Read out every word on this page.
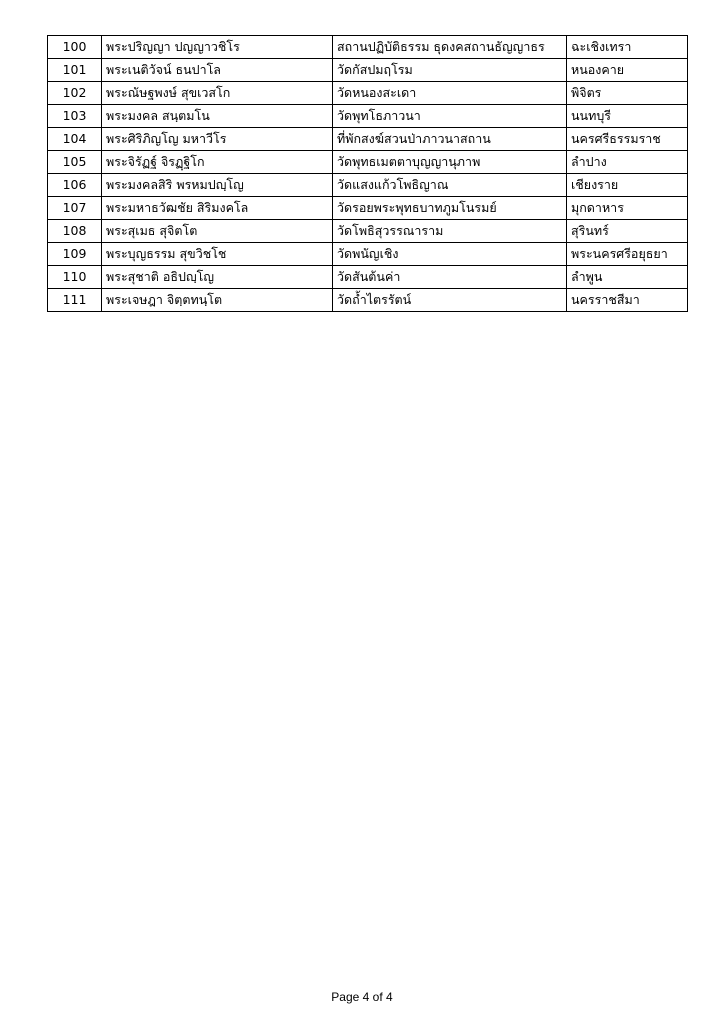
100	พระปริญญา ปญญาวชิโร	สถานปฏิบัติธรรม ธุดงคสถานธัญญาธร	ฉะเชิงเทรา
101	พระเนติวัจน์ ธนปาโล	วัดกัสปมฤโรม	หนองคาย
102	พระณัษฐพงษ์ สุขเวสโก	วัดหนองสะเดา	พิจิตร
103	พระมงคล สนฺตมโน	วัดพุทโธภาวนา	นนทบุรี
104	พระศิริภิญโญ มหาวีโร	ที่พักสงฆ์สวนป่าภาวนาสถาน	นครศรีธรรมราช
105	พระจิรัฏฐ์ จิรฏฺฐิโก	วัดพุทธเมตตาบุญญานุภาพ	ลำปาง
106	พระมงคลสิริ พรหมปญฺโญ	วัดแสงแก้วโพธิญาณ	เชียงราย
107	พระมหาธวัฒชัย สิริมงคโล	วัดรอยพระพุทธบาทภูมโนรมย์	มุกดาหาร
108	พระสุเมธ สุจิตโต	วัดโพธิสุวรรณาราม	สุรินทร์
109	พระบุญธรรม สุขวิชโช	วัดพนัญเชิง	พระนครศรีอยุธยา
110	พระสุชาติ อธิปญฺโญ	วัดสันต้นค่า	ลำพูน
111	พระเจษฎา จิตฺตทนฺโต	วัดถ้ำไตรรัตน์	นครราชสีมา
Page 4 of 4
